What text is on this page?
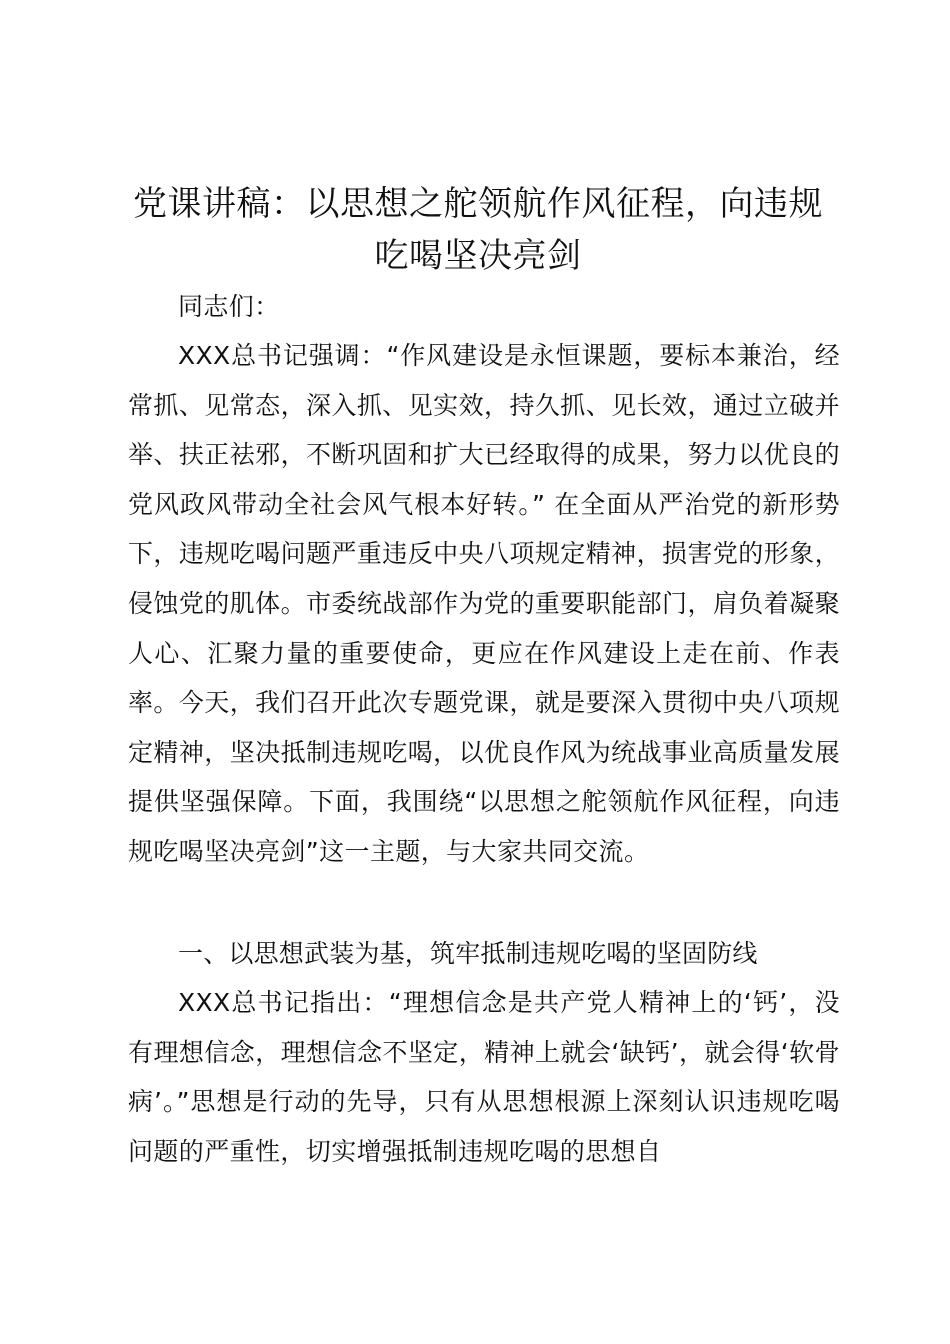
党课讲稿：以思想之舵领航作风征程，向违规
吃喝坚决亮剑
同志们：

XXX总书记强调：“作风建设是永恒课题，要标本兼治，经常抓、见常态，深入抓、见实效，持久抓、见长效，通过立破并举、扶正祛邪，不断巩固和扩大已经取得的成果，努力以优良的党风政风带动全社会风气根本好转。” 在全面从严治党的新形势下，违规吃喝问题严重违反中央八项规定精神，损害党的形象，侵蚀党的肌体。市委统战部作为党的重要职能部门，肩负着凝聚人心、汇聚力量的重要使命，更应在作风建设上走在前、作表率。今天，我们召开此次专题党课，就是要深入贯彻中央八项规定精神，坚决抵制违规吃喝，以优良作风为统战事业高质量发展提供坚强保障。下面，我围绕“以思想之舵领航作风征程，向违规吃喝坚决亮剑”这一主题，与大家共同交流。

一、以思想武装为基，筑牢抵制违规吃喝的坚固防线

XXX总书记指出：“理想信念是共产党人精神上的‘钙’，没有理想信念，理想信念不坚定，精神上就会‘缺钙’，就会得‘软骨病’。”思想是行动的先导，只有从思想根源上深刻认识违规吃喝问题的严重性，切实增强抵制违规吃喝的思想自
